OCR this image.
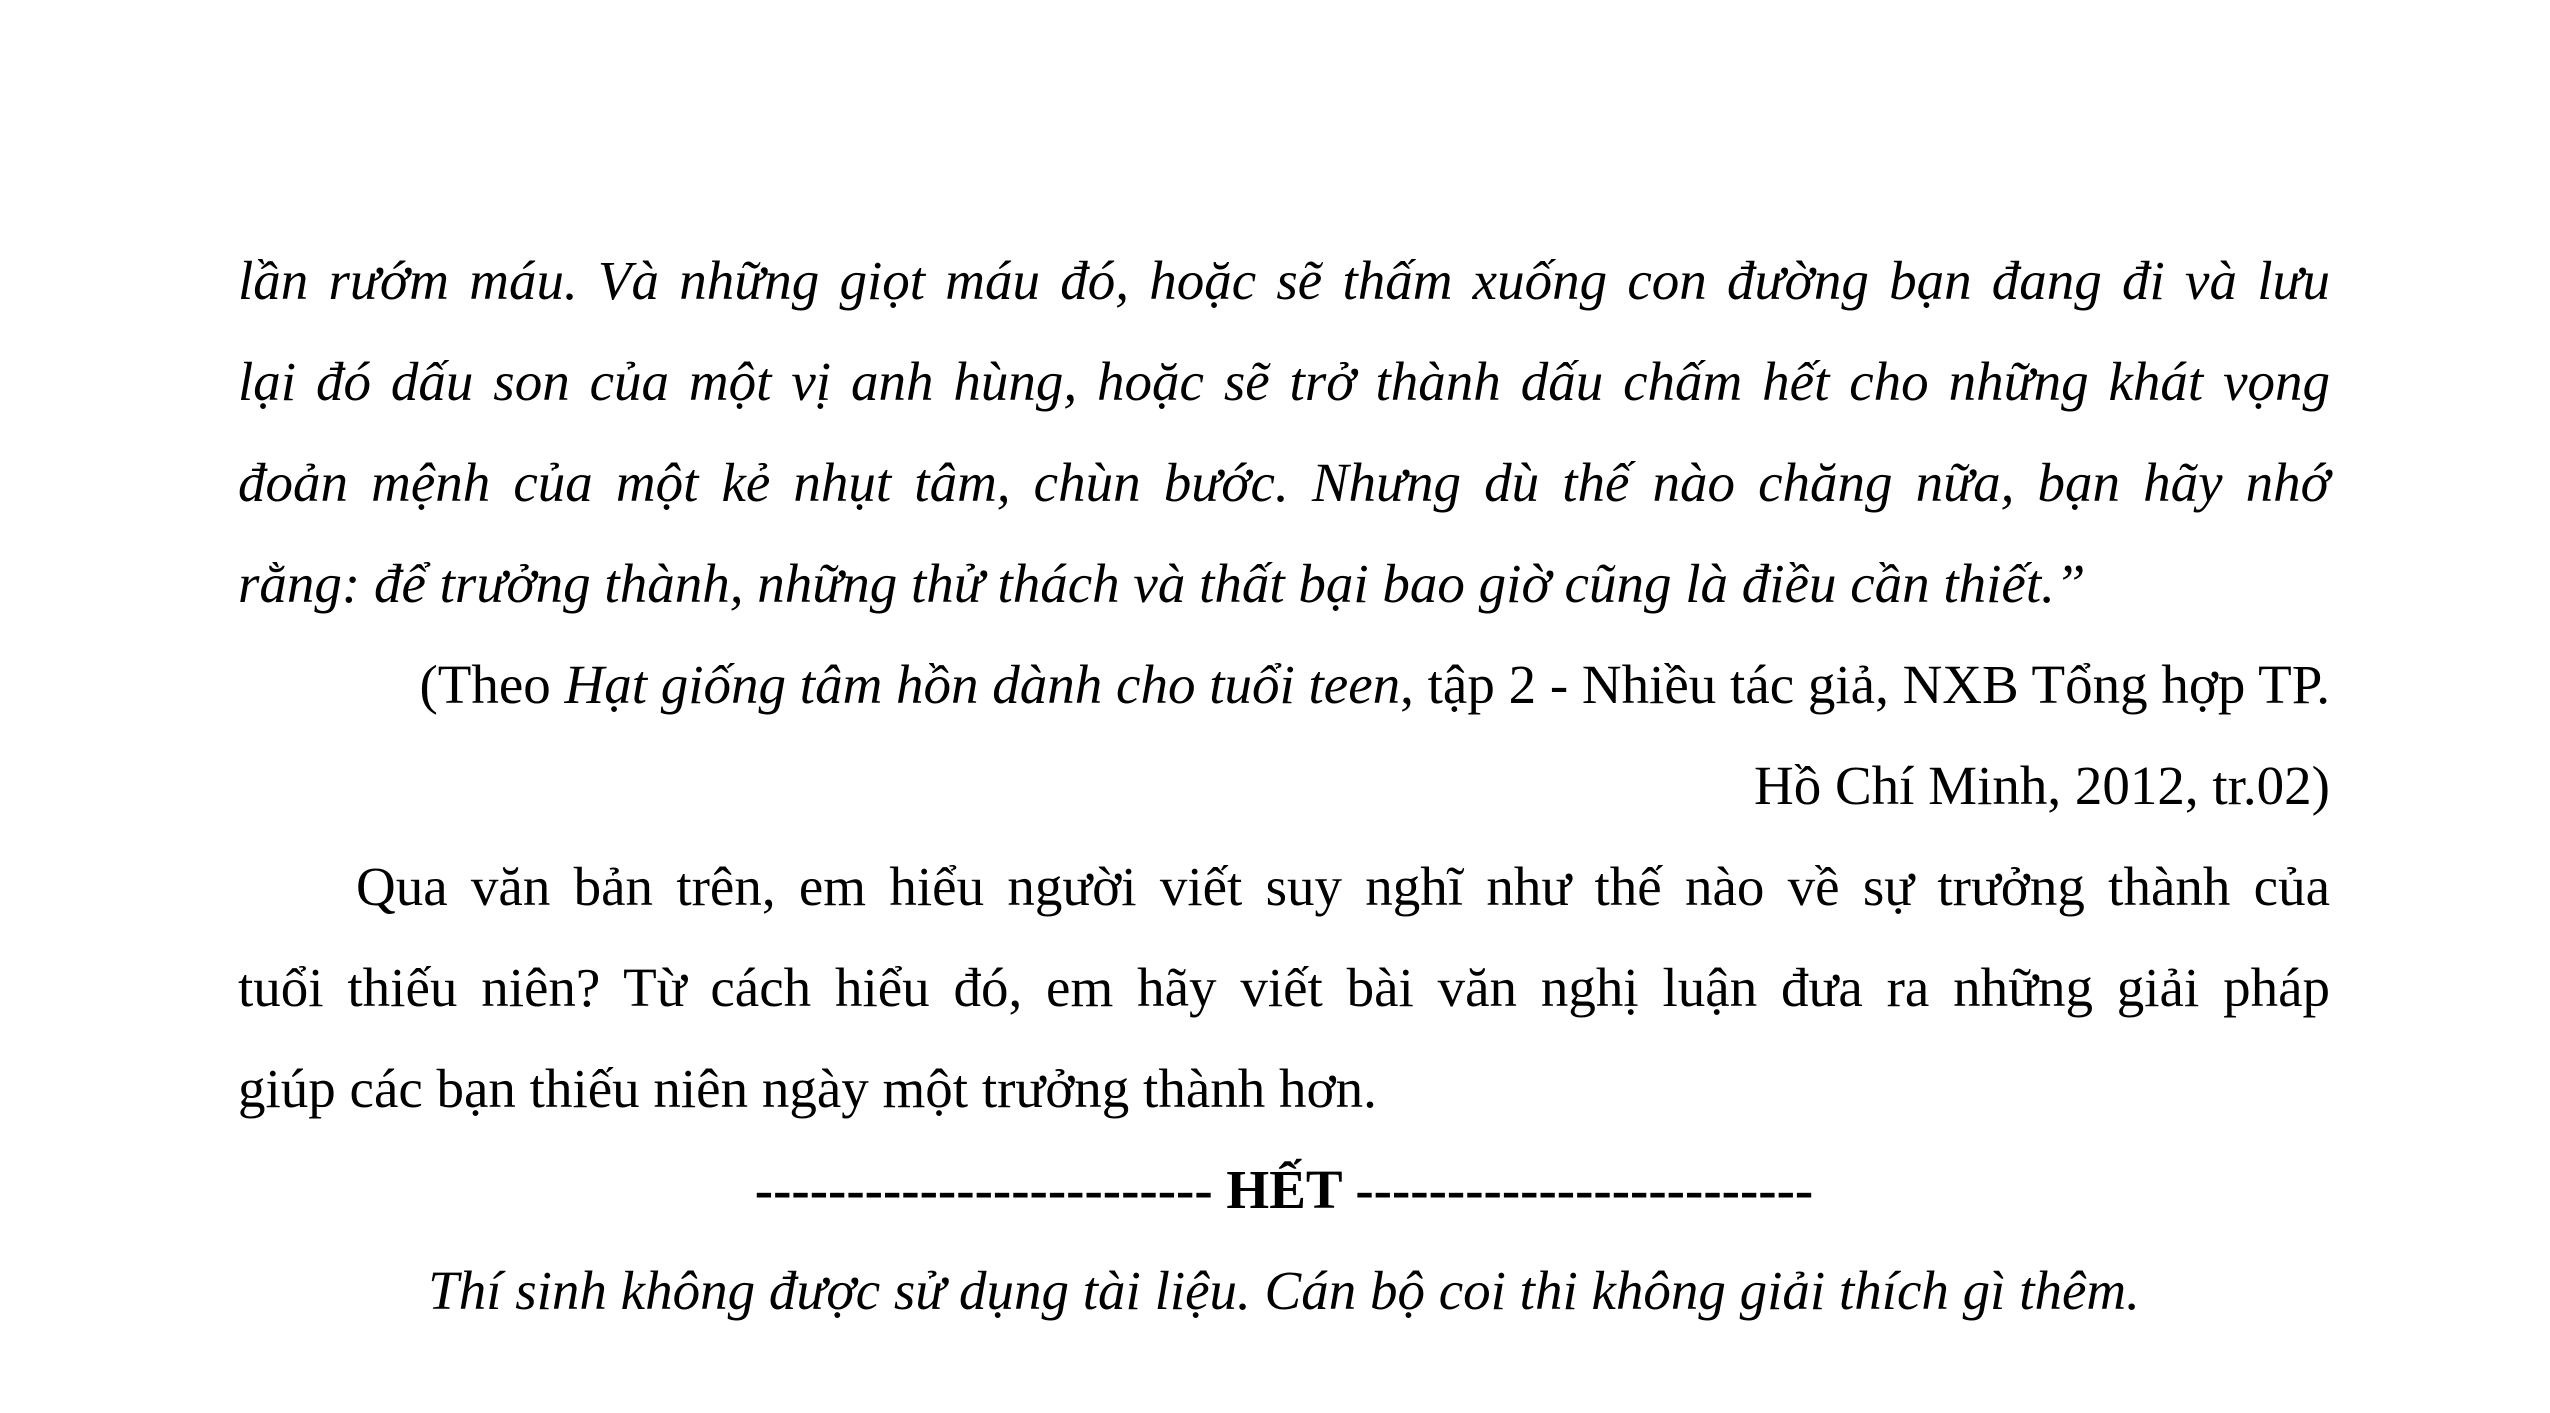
lần rướm máu. Và những giọt máu đó, hoặc sẽ thấm xuống con đường bạn đang đi và lưu
lại đó dấu son của một vị anh hùng, hoặc sẽ trở thành dấu chấm hết cho những khát vọng
đoản mệnh của một kẻ nhụt tâm, chùn bước. Nhưng dù thế nào chăng nữa, bạn hãy nhớ
rằng: để trưởng thành, những thử thách và thất bại bao giờ cũng là điều cần thiết.”
(Theo Hạt giống tâm hồn dành cho tuổi teen, tập 2 - Nhiều tác giả, NXB Tổng hợp TP.
Hồ Chí Minh, 2012, tr.02)
Qua văn bản trên, em hiểu người viết suy nghĩ như thế nào về sự trưởng thành của
tuổi thiếu niên? Từ cách hiểu đó, em hãy viết bài văn nghị luận đưa ra những giải pháp
giúp các bạn thiếu niên ngày một trưởng thành hơn.
------------------------- HẾT -------------------------
Thí sinh không được sử dụng tài liệu. Cán bộ coi thi không giải thích gì thêm.
